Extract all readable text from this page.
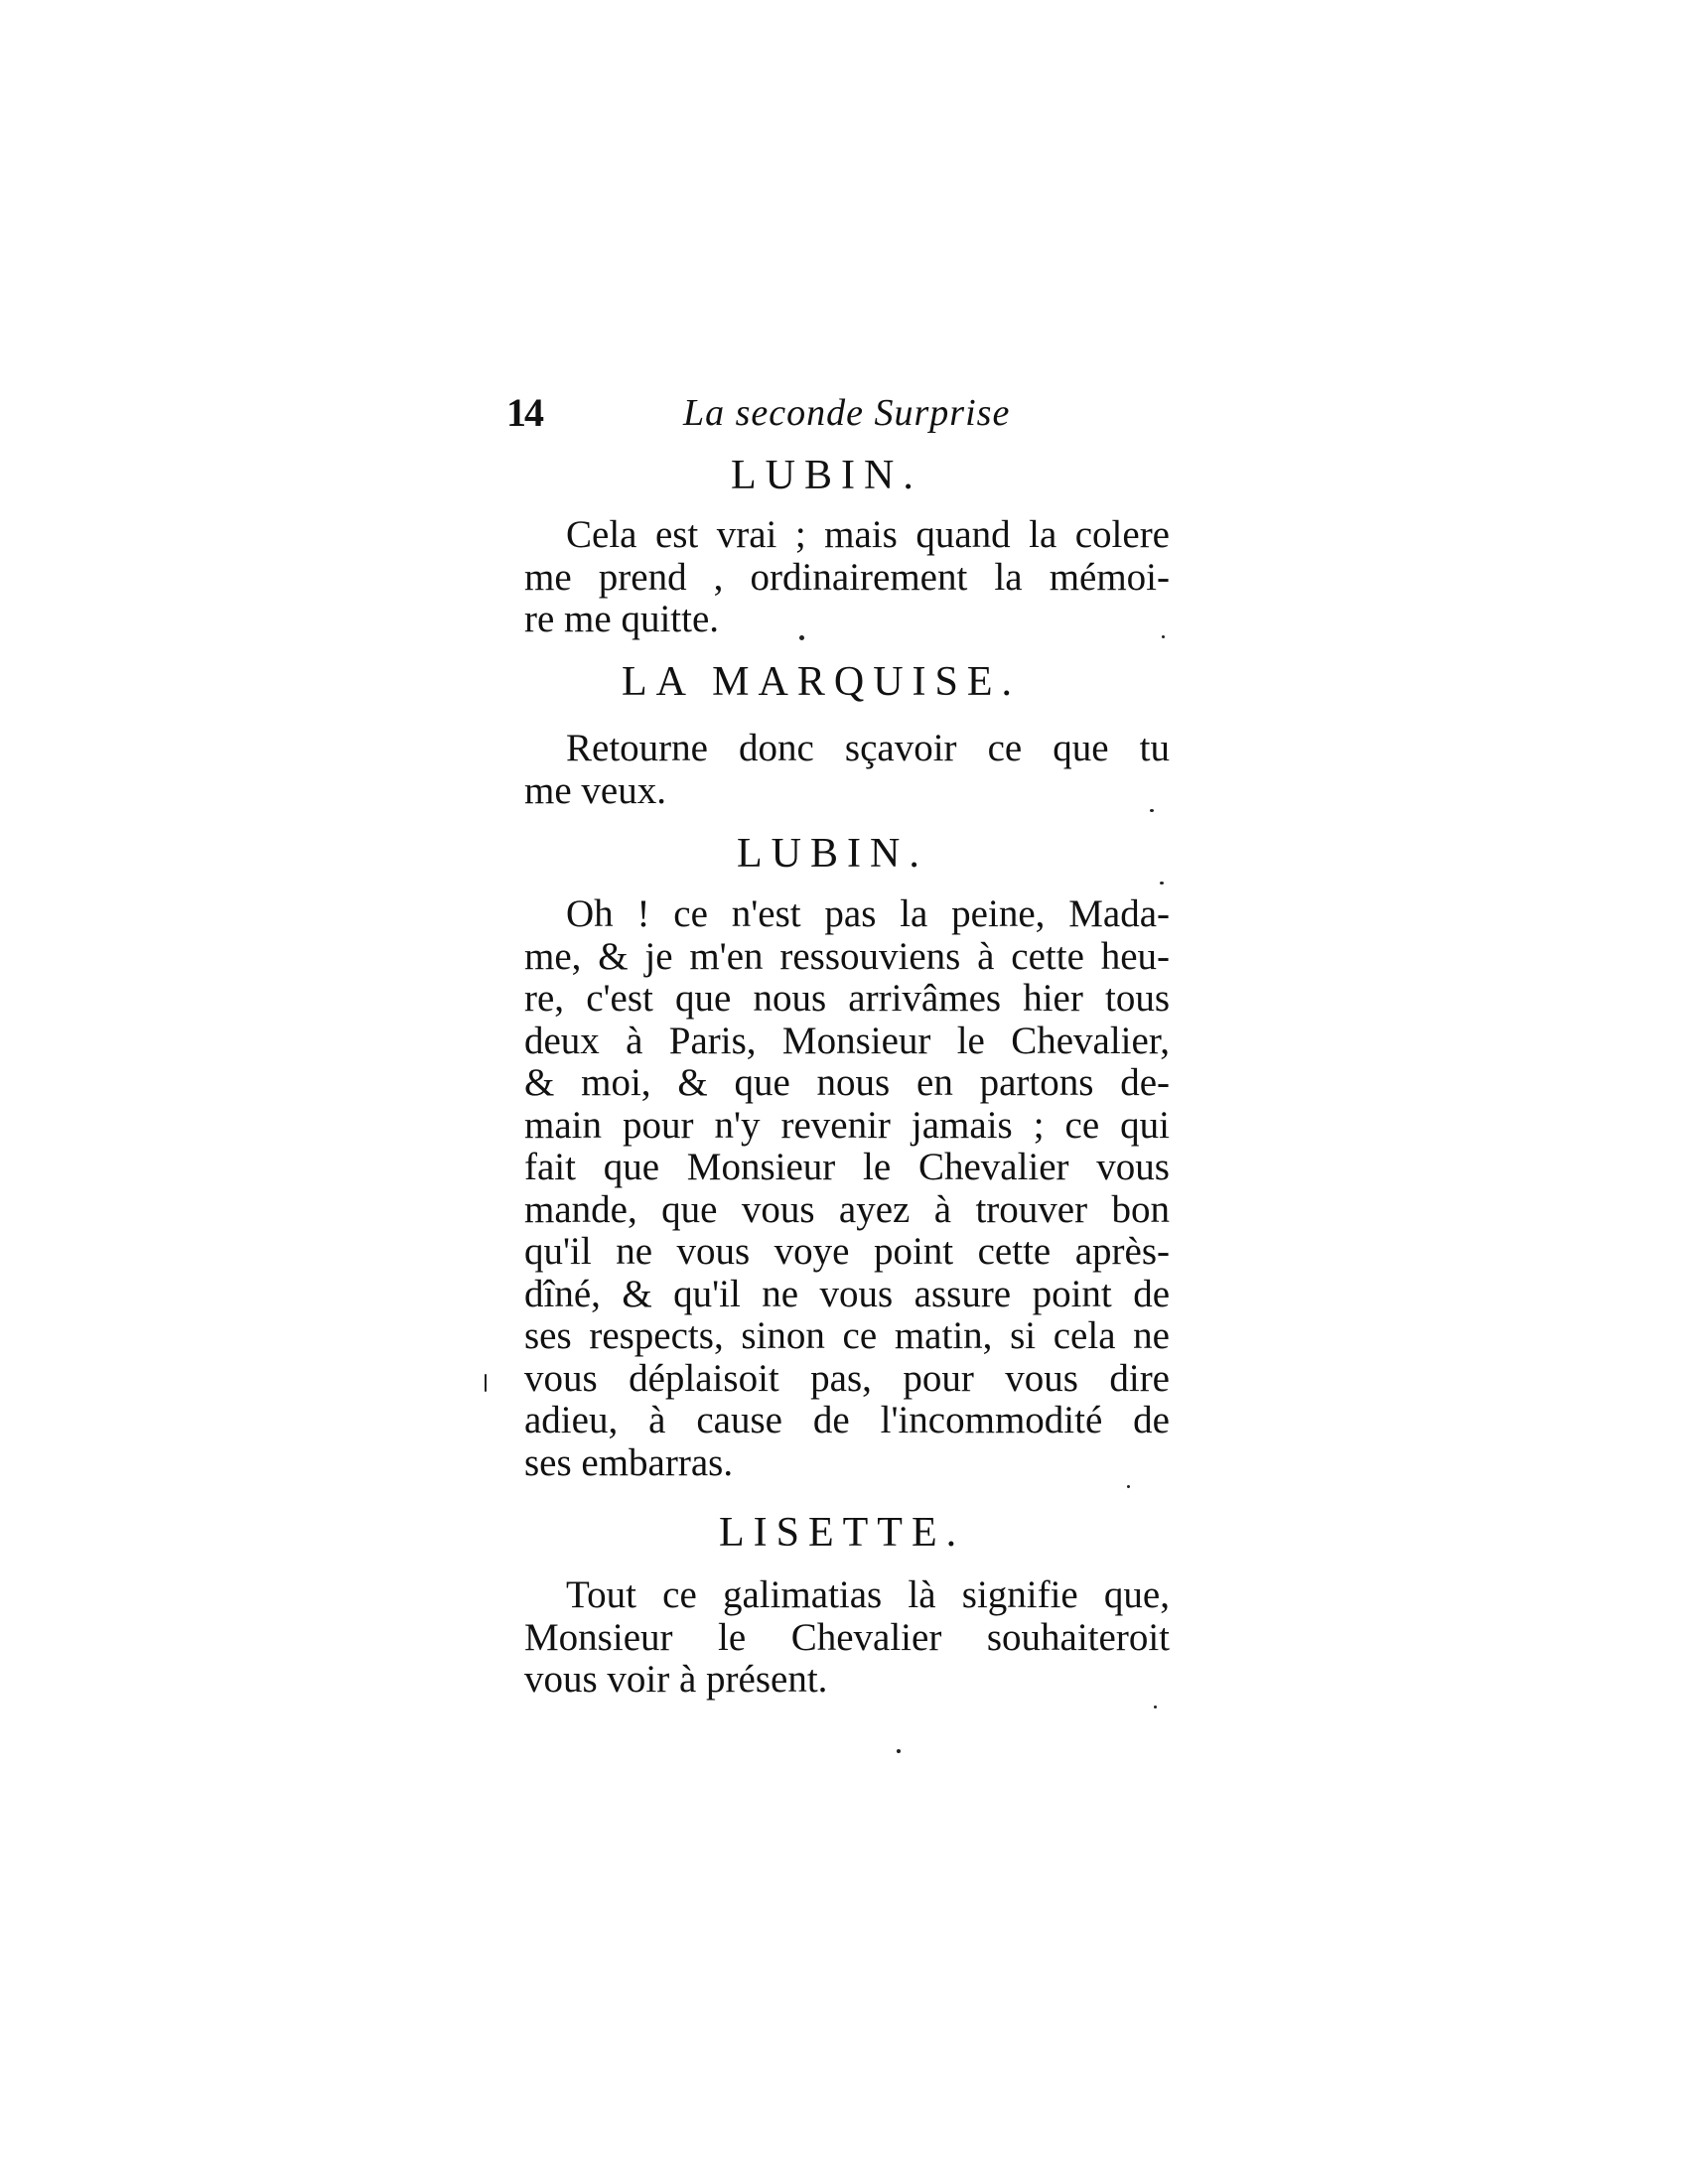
14	La seconde Surprise
LUBIN.
Cela est vrai ; mais quand la colere
me prend , ordinairement la mémoi-
re me quitte.
LA MARQUISE.
Retourne donc sçavoir ce que tu
me veux.
LUBIN.
Oh ! ce n'est pas la peine, Mada-
me, & je m'en ressouviens à cette heu-
re, c'est que nous arrivâmes hier tous
deux à Paris, Monsieur le Chevalier,
& moi, & que nous en partons de-
main pour n'y revenir jamais ; ce qui
fait que Monsieur le Chevalier vous
mande, que vous ayez à trouver bon
qu'il ne vous voye point cette après-
dîné, & qu'il ne vous assure point de
ses respects, sinon ce matin, si cela ne
vous déplaisoit pas, pour vous dire
adieu, à cause de l'incommodité de
ses embarras.
LISETTE.
Tout ce galimatias là signifie que,
Monsieur le Chevalier souhaiteroit
vous voir à présent.
